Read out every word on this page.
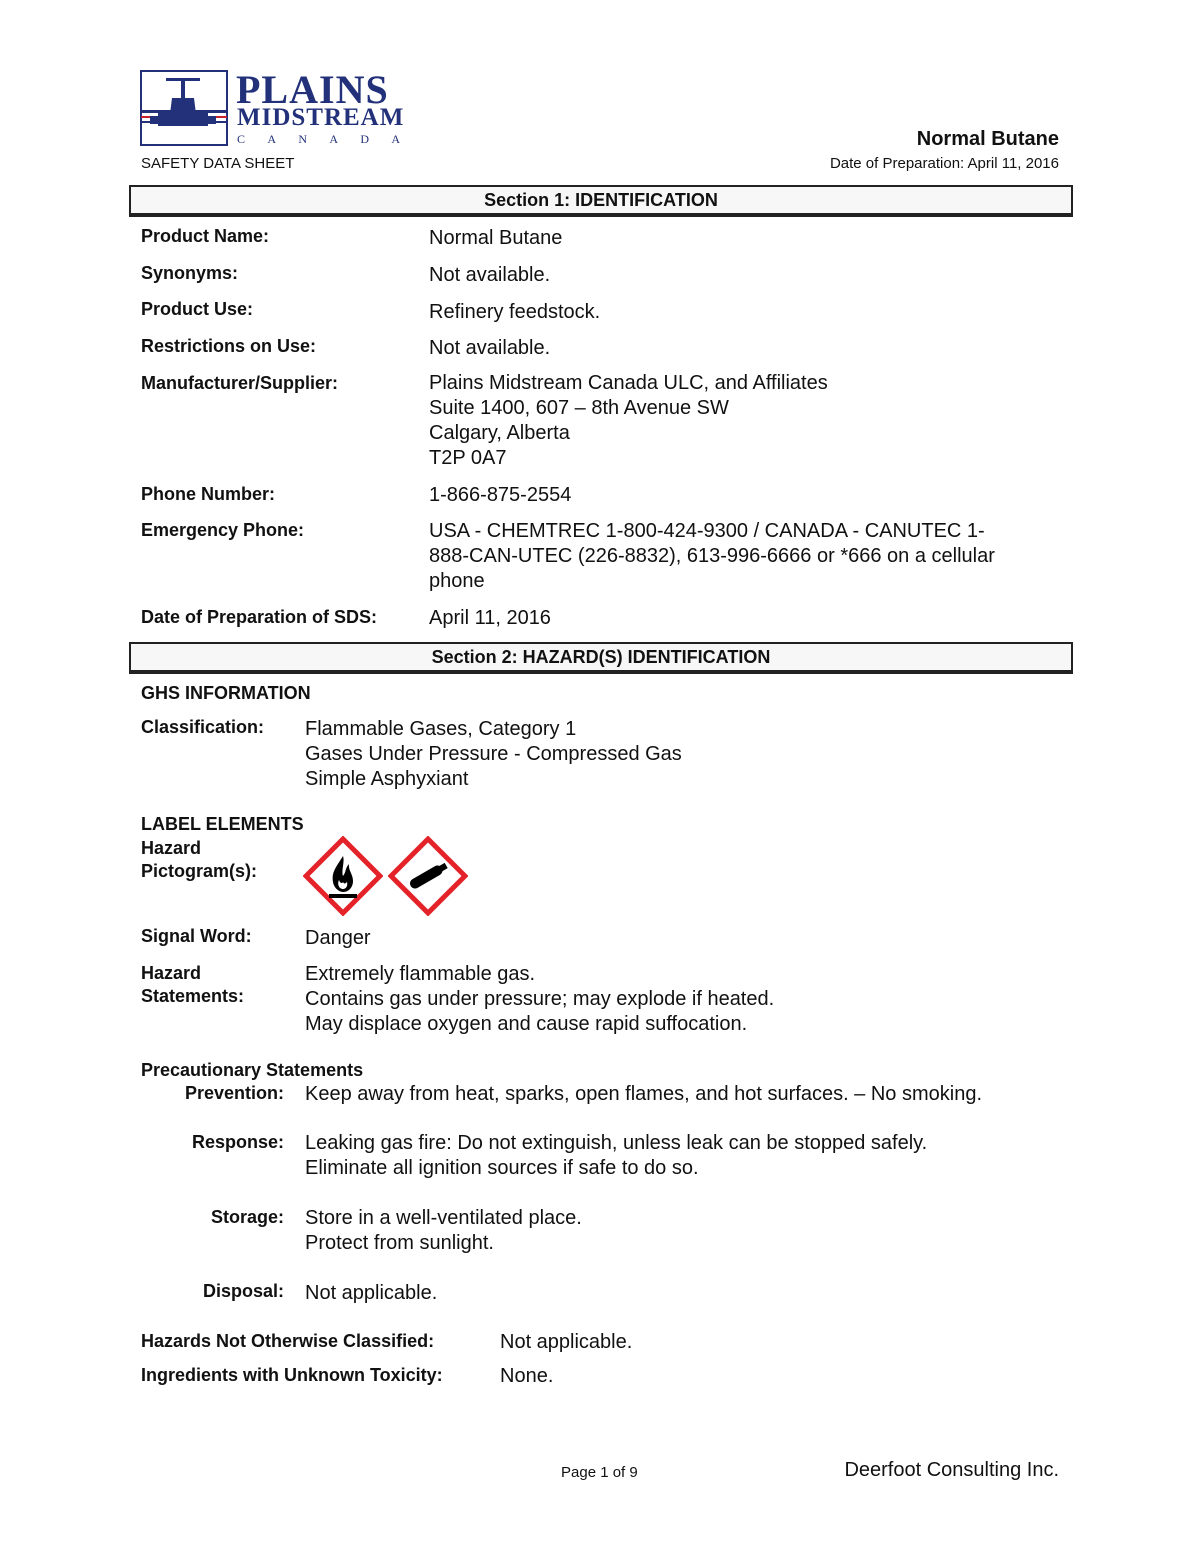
PLAINS
MIDSTREAM
C A N A D A
SAFETY DATA SHEET
Normal Butane
Date of Preparation: April 11, 2016
Section 1: IDENTIFICATION
Product Name:	Normal Butane
Synonyms:	Not available.
Product Use:	Refinery feedstock.
Restrictions on Use:	Not available.
Manufacturer/Supplier:	Plains Midstream Canada ULC, and Affiliates
Suite 1400, 607 – 8th Avenue SW
Calgary, Alberta
T2P 0A7
Phone Number:	1-866-875-2554
Emergency Phone:	USA - CHEMTREC 1-800-424-9300 / CANADA - CANUTEC 1-
888-CAN-UTEC (226-8832), 613-996-6666 or *666 on a cellular
phone
Date of Preparation of SDS:	April 11, 2016
Section 2: HAZARD(S) IDENTIFICATION
GHS INFORMATION
Classification: Flammable Gases, Category 1
Gases Under Pressure - Compressed Gas
Simple Asphyxiant
LABEL ELEMENTS
Hazard
Pictogram(s):
Signal Word:	Danger
Hazard
Statements:
Extremely flammable gas.
Contains gas under pressure; may explode if heated.
May displace oxygen and cause rapid suffocation.
Precautionary Statements
Prevention: Keep away from heat, sparks, open flames, and hot surfaces. – No smoking.
Response: Leaking gas fire: Do not extinguish, unless leak can be stopped safely.
Eliminate all ignition sources if safe to do so.
Storage: Store in a well-ventilated place.
Protect from sunlight.
Disposal: Not applicable.
Hazards Not Otherwise Classified:	Not applicable.
Ingredients with Unknown Toxicity:	None.
Page 1 of 9	Deerfoot Consulting Inc.
